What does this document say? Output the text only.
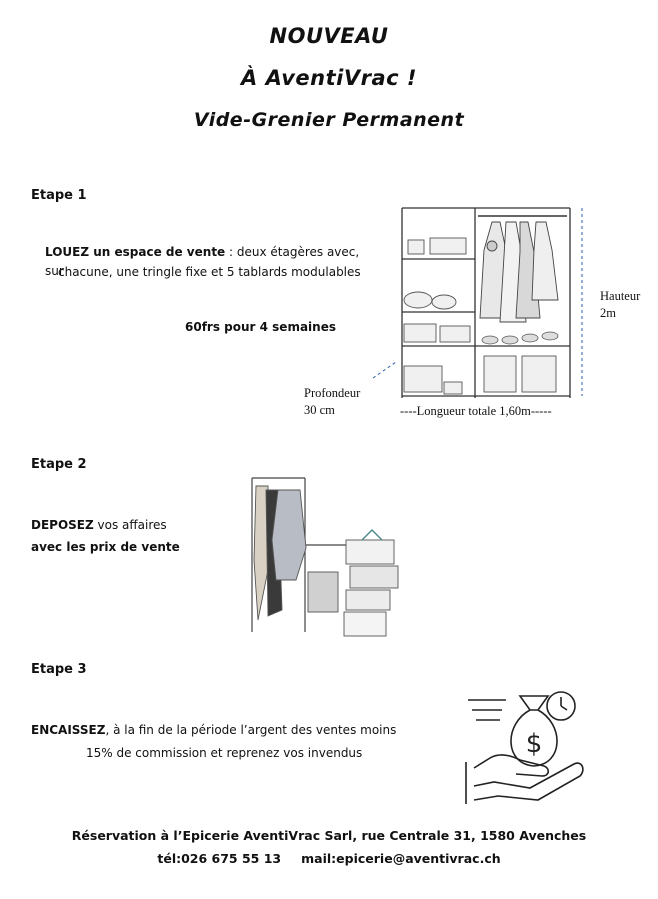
NOUVEAU
À AventiVrac !
Vide-Grenier Permanent
Etape 1
LOUEZ un espace de vente : deux étagères avec, sur
chacune, une tringle fixe et 5 tablards modulables
60frs pour 4 semaines
Hauteur
2m
Profondeur
30 cm	----Longueur totale 1,60m-----
Etape 2
DEPOSEZ vos affaires
avec les prix de vente
Etape 3
ENCAISSEZ, à la fin de la période l’argent des ventes moins
15% de commission et reprenez vos invendus	$
Réservation à l’Epicerie AventiVrac Sarl, rue Centrale 31, 1580 Avenches
tél:026 675 55 13 mail:epicerie@aventivrac.ch
